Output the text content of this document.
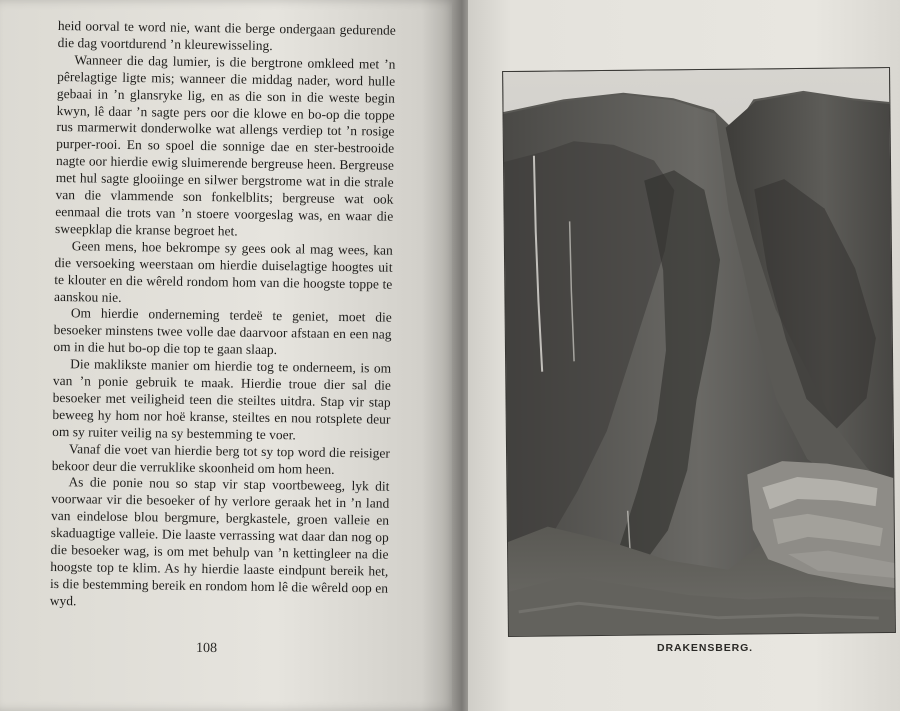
heid oorval te word nie, want die berge ondergaan gedurende die dag voortdurend ’n kleurewisseling.

Wanneer die dag lumier, is die bergtrone omkleed met ’n pêrelagtige ligte mis; wanneer die middag nader, word hulle gebaai in ’n glansryke lig, en as die son in die weste begin kwyn, lê daar ’n sagte pers oor die klowe en bo-op die toppe rus marmerwit donderwolke wat allengs verdiep tot ’n rosige purper-rooi. En so spoel die sonnige dae en ster-bestrooide nagte oor hierdie ewig sluimerende bergreuse heen. Bergreuse met hul sagte glooiinge en silwer bergstrome wat in die strale van die vlammende son fonkelblits; bergreuse wat ook eenmaal die trots van ’n stoere voorgeslag was, en waar die sweepklap die kranse begroet het.

Geen mens, hoe bekrompe sy gees ook al mag wees, kan die versoeking weerstaan om hierdie duiselagtige hoogtes uit te klouter en die wêreld rondom hom van die hoogste toppe te aanskou nie.

Om hierdie onderneming terdeë te geniet, moet die besoeker minstens twee volle dae daarvoor afstaan en een nag om in die hut bo-op die top te gaan slaap.

Die maklikste manier om hierdie tog te onderneem, is om van ’n ponie gebruik te maak. Hierdie troue dier sal die besoeker met veiligheid teen die steiltes uitdra. Stap vir stap beweeg hy hom nor hoë kranse, steiltes en nou rotsplete deur om sy ruiter veilig na sy bestemming te voer.

Vanaf die voet van hierdie berg tot sy top word die reisiger bekoor deur die verruklike skoonheid om hom heen.

As die ponie nou so stap vir stap voortbeweeg, lyk dit voorwaar vir die besoeker of hy verlore geraak het in ’n land van eindelose blou bergmure, bergkastele, groen valleie en skaduagtige valleie. Die laaste verrassing wat daar dan nog op die besoeker wag, is om met behulp van ’n kettingleer na die hoogste top te klim. As hy hierdie laaste eindpunt bereik het, is die bestemming bereik en rondom hom lê die wêreld oop en wyd.

108	DRAKENSBERG.
